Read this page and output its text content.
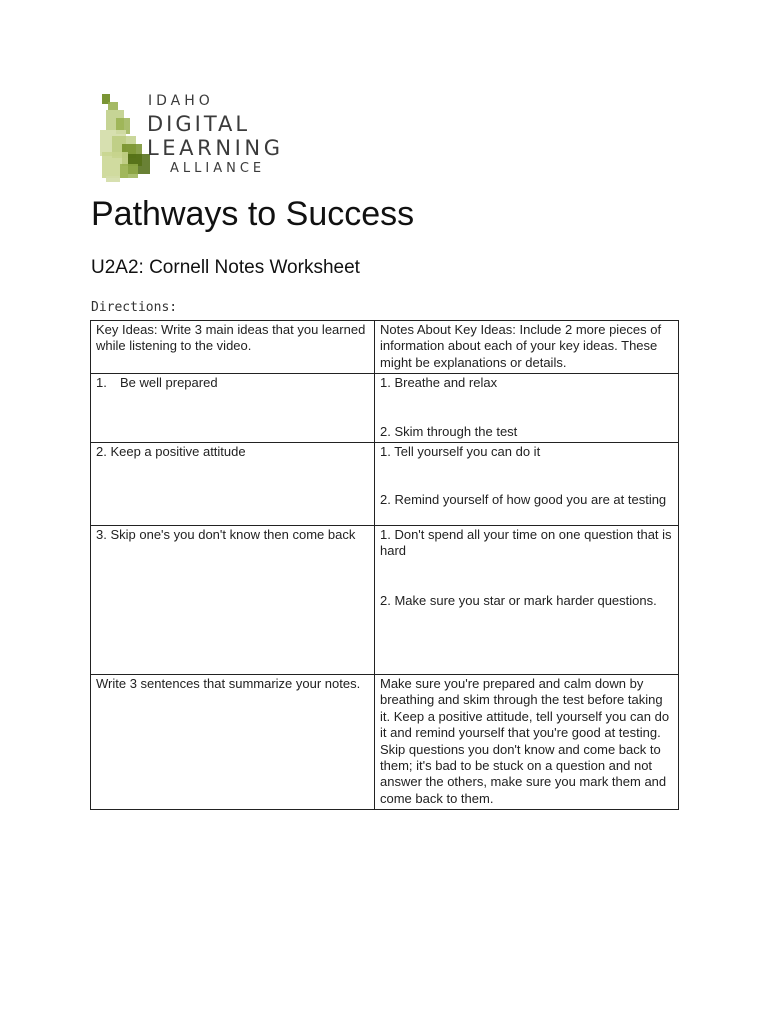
IDAHO
DIGITAL
LEARNING
ALLIANCE
Pathways to Success
U2A2: Cornell Notes Worksheet

Directions:

Key Ideas: Write 3 main ideas that you learned while listening to the video.	Notes About Key Ideas: Include 2 more pieces of information about each of your key ideas. These might be explanations or details.
1. Be well prepared	1. Breathe and relax
2. Skim through the test

2. Keep a positive attitude	1. Tell yourself you can do it
2. Remind yourself of how good you are at testing

3. Skip one's you don't know then come back	1. Don't spend all your time on one question that is hard
2. Make sure you star or mark harder questions.

Write 3 sentences that summarize your notes.	Make sure you're prepared and calm down by breathing and skim through the test before taking it. Keep a positive attitude, tell yourself you can do it and remind yourself that you're good at testing. Skip questions you don't know and come back to them; it's bad to be stuck on a question and not answer the others, make sure you mark them and come back to them.
